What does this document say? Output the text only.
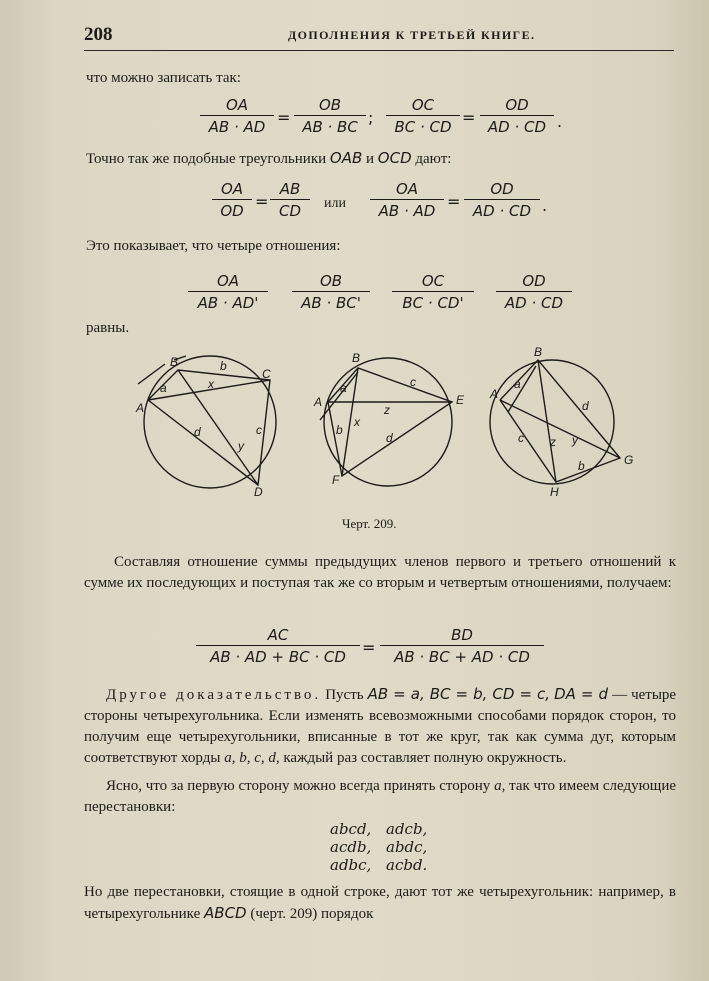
208	ДОПОЛНЕНИЯ К ТРЕТЬЕЙ КНИГЕ.
что можно записать так:
OA
AB · AD =
OB
AB · BC ;
OC
BC · CD =
OD
AD · CD .
Точно так же подобные треугольники OAB и OCD дают:
OA
OD =
AB
CD	или
OA
AB · AD =
OD
AD · CD .
Это показывает, что четыре отношения:
OA
AB · AD'
OB
AB · BC'
OC
BC · CD'
OD
AD · CD
равны.
B
C
A
D
b
a	x
d	c
y
B
E
A
F
a	c
z
b
x
d
B
A
G
H
a
d
c z y
b
Черт. 209.
Составляя отношение суммы предыдущих членов первого и третьего отношений к сумме их последующих и поступая так же со вторым и четвертым отношениями, получаем:
AC
AB · AD + BC · CD	=
BD
AB · BC + AD · CD
Другое доказательство. Пусть AB = a, BC = b, CD = c, DA = d — четыре стороны четырехугольника. Если изменять всевозможными способами порядок сторон, то получим еще четырехугольники, вписанные в тот же круг, так как сумма дуг, которым соответствуют хорды a, b, c, d, каждый раз составляет полную окружность.
Ясно, что за первую сторону можно всегда принять сторону a, так что имеем следующие перестановки:
abcd, adcb,
acdb, abdc,
adbc, acbd.
Но две перестановки, стоящие в одной строке, дают тот же четырехугольник: например, в четырехугольнике ABCD (черт. 209) порядок
